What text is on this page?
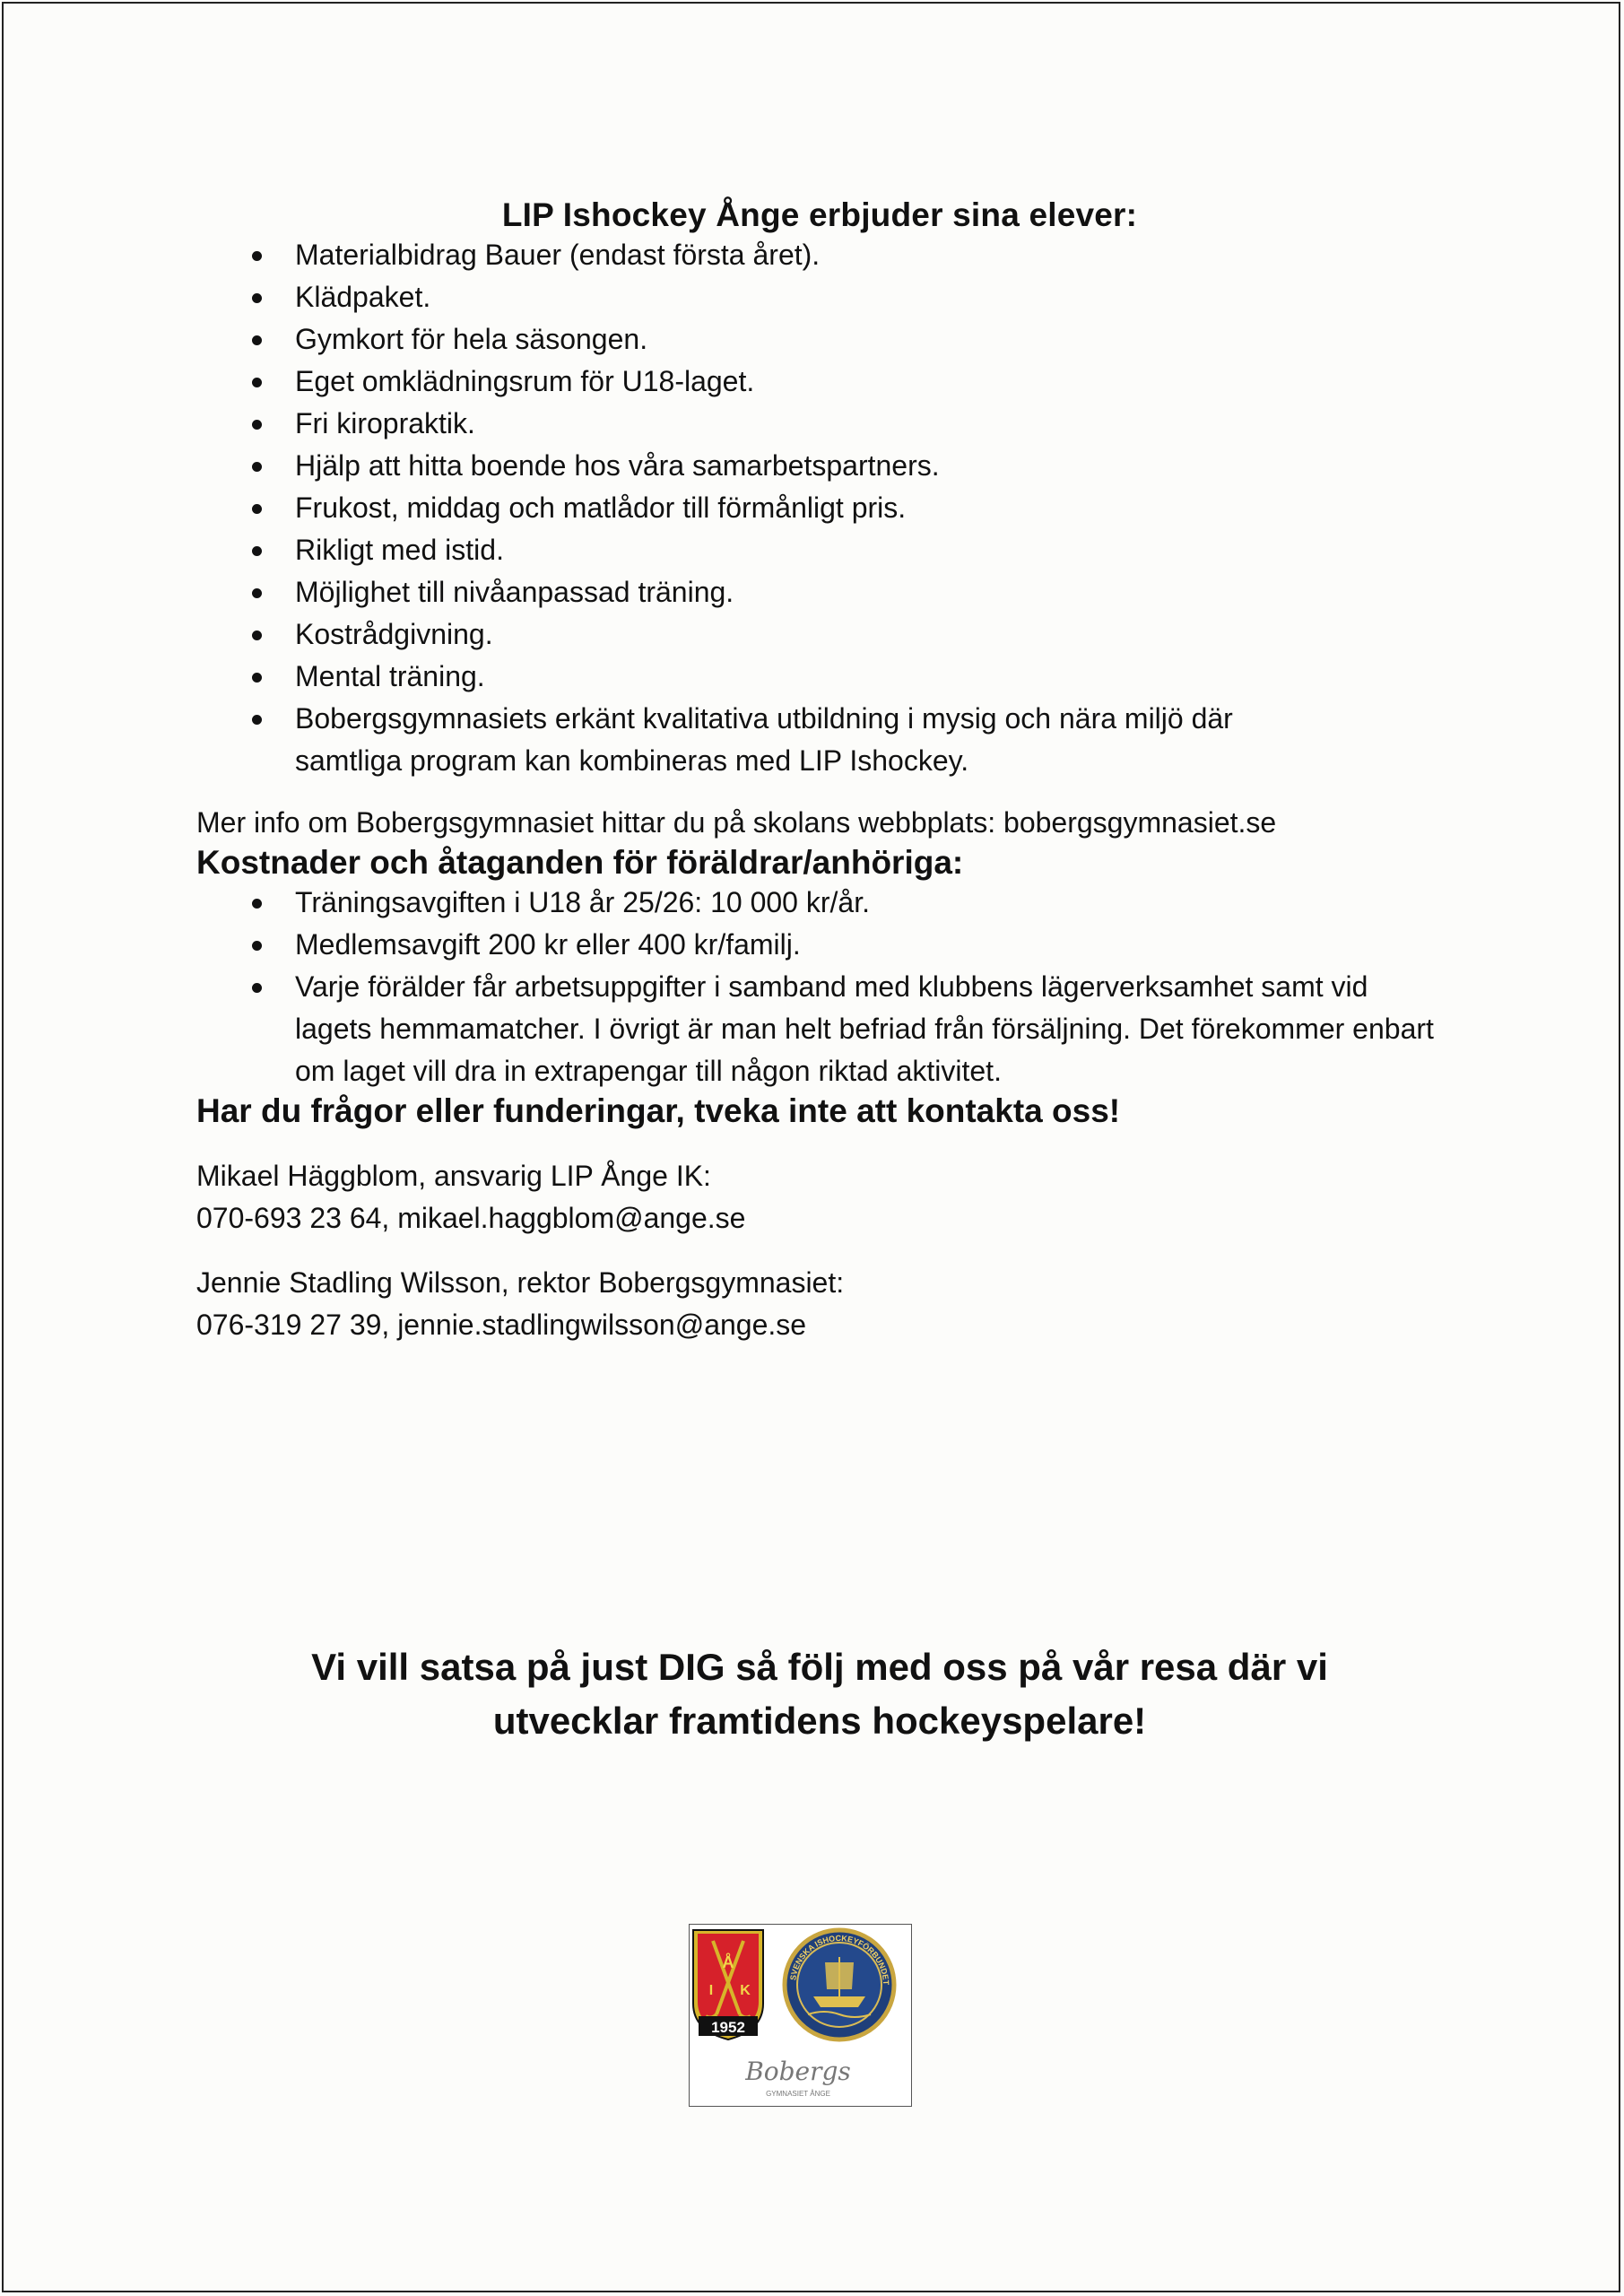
LIP Ishockey Ånge erbjuder sina elever:
Materialbidrag Bauer (endast första året).
Klädpaket.
Gymkort för hela säsongen.
Eget omklädningsrum för U18-laget.
Fri kiropraktik.
Hjälp att hitta boende hos våra samarbetspartners.
Frukost, middag och matlådor till förmånligt pris.
Rikligt med istid.
Möjlighet till nivåanpassad träning.
Kostrådgivning.
Mental träning.
Bobergsgymnasiets erkänt kvalitativa utbildning i mysig och nära miljö där samtliga program kan kombineras med LIP Ishockey.

Mer info om Bobergsgymnasiet hittar du på skolans webbplats: bobergsgymnasiet.se

Kostnader och åtaganden för föräldrar/anhöriga:
Träningsavgiften i U18 år 25/26: 10 000 kr/år.
Medlemsavgift 200 kr eller 400 kr/familj.
Varje förälder får arbetsuppgifter i samband med klubbens lägerverksamhet samt vid lagets hemmamatcher. I övrigt är man helt befriad från försäljning. Det förekommer enbart om laget vill dra in extrapengar till någon riktad aktivitet.
Har du frågor eller funderingar, tveka inte att kontakta oss!

Mikael Häggblom, ansvarig LIP Ånge IK:

070-693 23 64, mikael.haggblom@ange.se

Jennie Stadling Wilsson, rektor Bobergsgymnasiet:

076-319 27 39, jennie.stadlingwilsson@ange.se

Vi vill satsa på just DIG så följ med oss på vår resa där vi
utvecklar framtidens hockeyspelare!
Å
I K
1952
SVENSKA ISHOCKEYFÖRBUNDET
Bobergs
GYMNASIET ÅNGE
